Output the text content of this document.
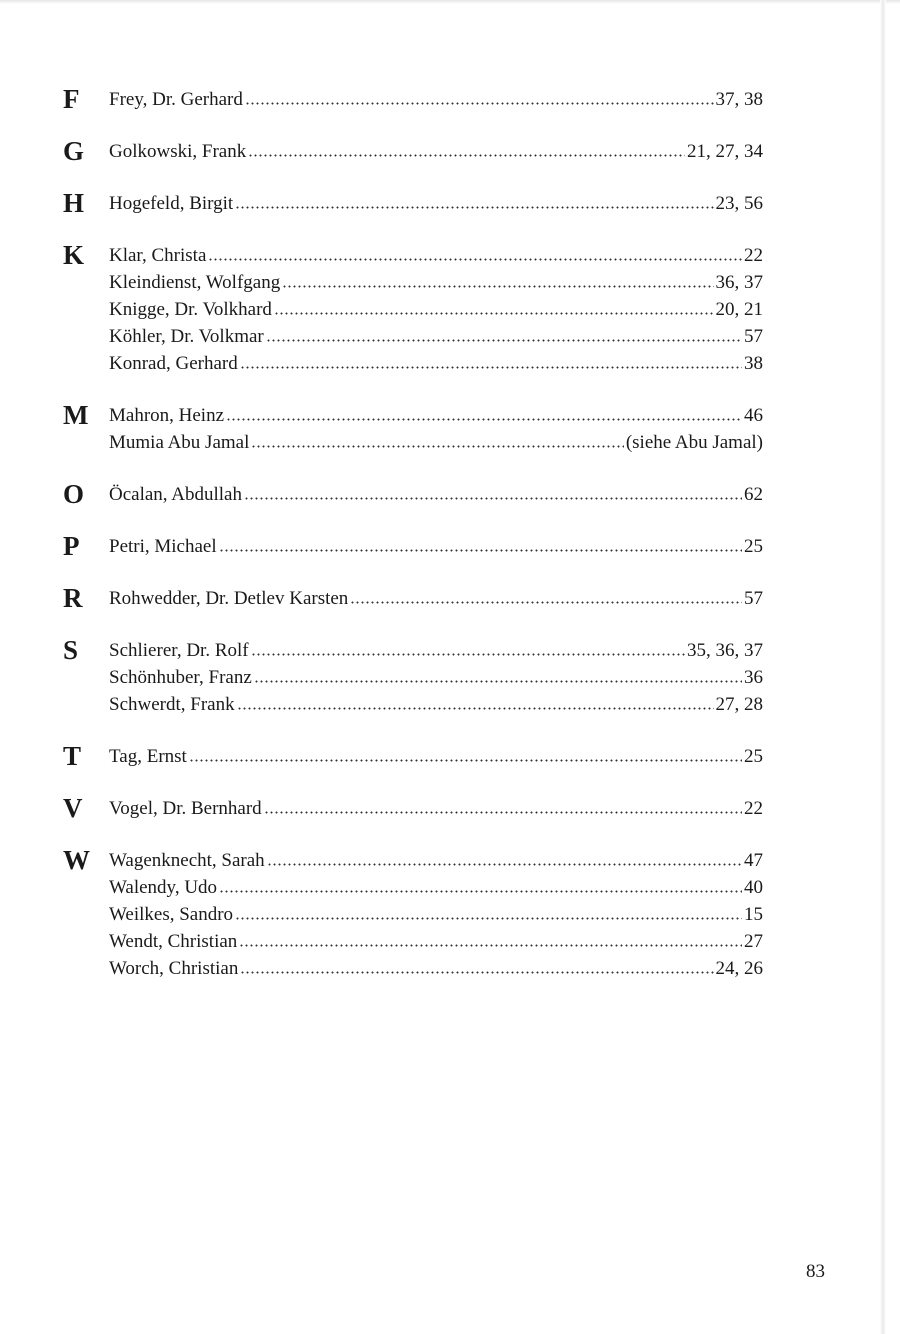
F Frey, Dr. Gerhard	37, 38
G Golkowski, Frank	21, 27, 34
H Hogefeld, Birgit	23, 56
K Klar, Christa	22
Kleindienst, Wolfgang	36, 37
Knigge, Dr. Volkhard	20, 21
Köhler, Dr. Volkmar	57
Konrad, Gerhard	38
M Mahron, Heinz	46
Mumia Abu Jamal	(siehe Abu Jamal)
O Öcalan, Abdullah	62
P Petri, Michael	25
R Rohwedder, Dr. Detlev Karsten	57
S Schlierer, Dr. Rolf	35, 36, 37
Schönhuber, Franz	36
Schwerdt, Frank	27, 28
T Tag, Ernst	25
V Vogel, Dr. Bernhard	22
W Wagenknecht, Sarah	47
Walendy, Udo	40
Weilkes, Sandro	15
Wendt, Christian	27
Worch, Christian	24, 26
83
